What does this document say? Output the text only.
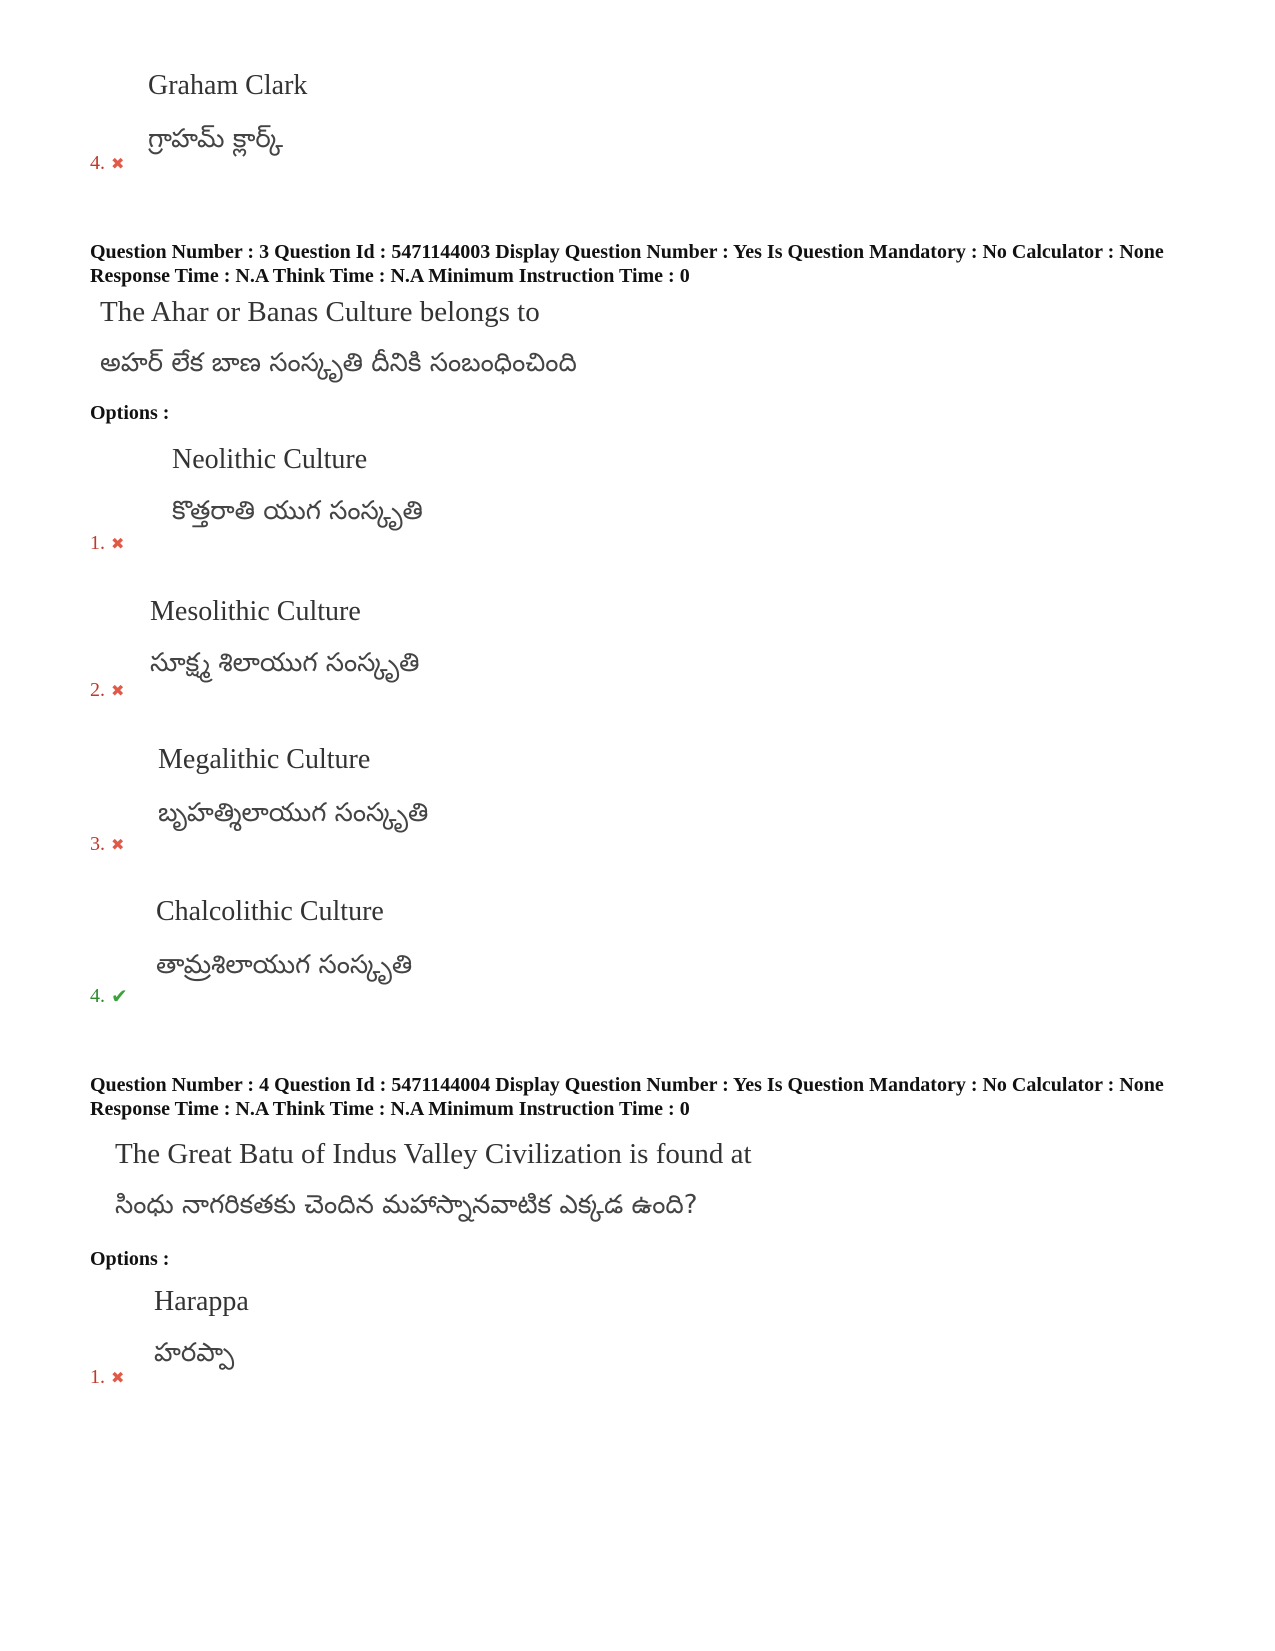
Graham Clark
గ్రాహమ్ క్లార్క్
4. ✖
Question Number : 3 Question Id : 5471144003 Display Question Number : Yes Is Question Mandatory : No Calculator : None Response Time : N.A Think Time : N.A Minimum Instruction Time : 0
The Ahar or Banas Culture belongs to
అహర్ లేక బాణ సంస్కృతి దీనికి సంబంధించింది
Options :
Neolithic Culture
కొత్తరాతి యుగ సంస్కృతి
1. ✖
Mesolithic Culture
సూక్ష్మ శిలాయుగ సంస్కృతి
2. ✖
Megalithic Culture
బృహత్శిలాయుగ సంస్కృతి
3. ✖
Chalcolithic Culture
తామ్రశిలాయుగ సంస్కృతి
4. ✔
Question Number : 4 Question Id : 5471144004 Display Question Number : Yes Is Question Mandatory : No Calculator : None Response Time : N.A Think Time : N.A Minimum Instruction Time : 0
The Great Batu of Indus Valley Civilization is found at
సింధు నాగరికతకు చెందిన మహాస్నానవాటిక ఎక్కడ ఉంది?
Options :
Harappa
హరప్పా
1. ✖
